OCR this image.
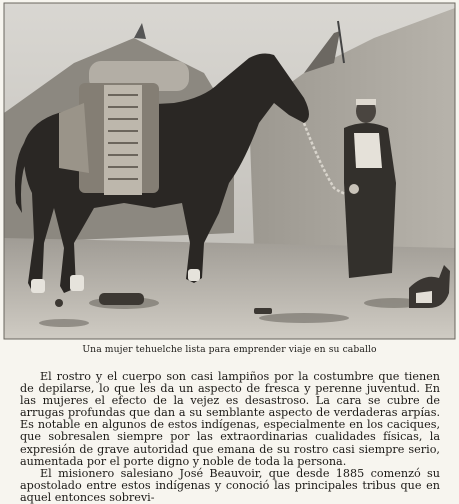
Una mujer tehuelche lista para emprender viaje en su caballo

El rostro y el cuerpo son casi lampiños por la costumbre que tienen de depilarse, lo que les da un aspecto de fresca y perenne juventud. En las mujeres el efecto de la vejez es desastroso. La cara se cubre de arrugas profundas que dan a su semblante aspecto de verdaderas arpías. Es notable en algunos de estos indígenas, especialmente en los caciques, que sobresalen siempre por las extraordinarias cualidades físicas, la expresión de grave autoridad que emana de su rostro casi siempre serio, aumentada por el porte digno y noble de toda la persona.

El misionero salesiano José Beauvoir, que desde 1885 comenzó su apostolado entre estos indígenas y conoció las principales tribus que en aquel entonces sobrevi-
